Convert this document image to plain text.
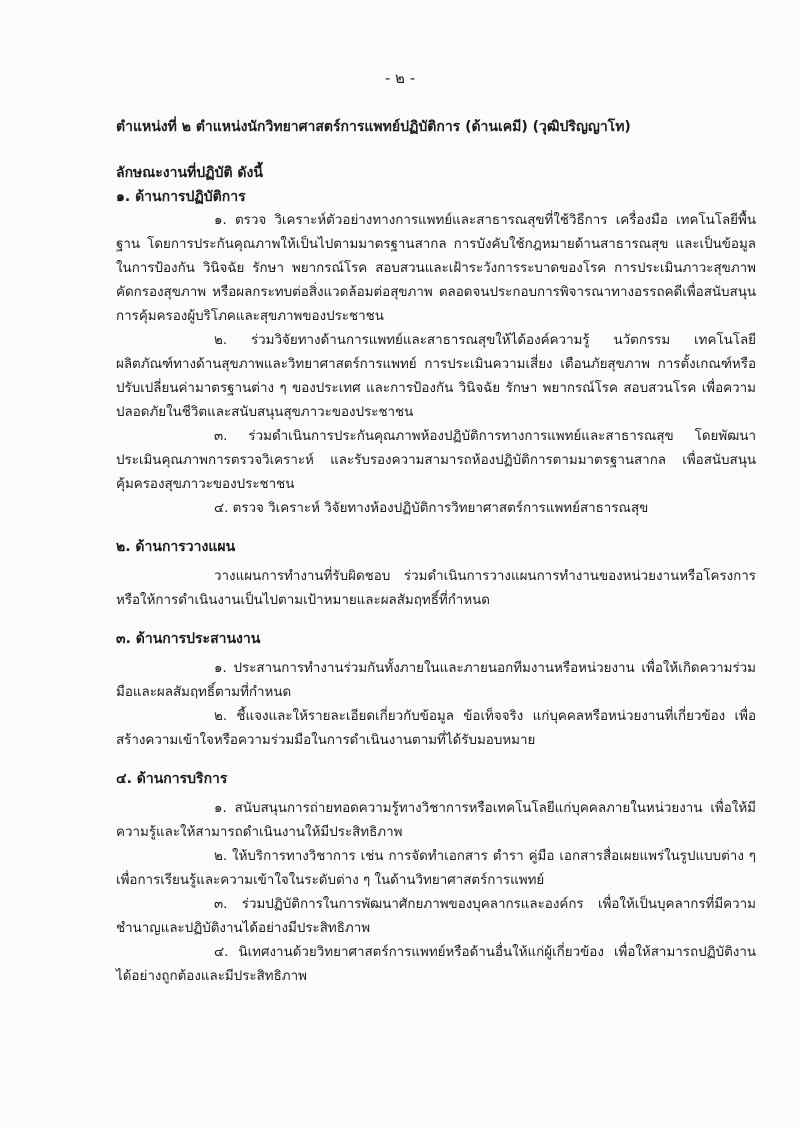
- ๒ -

ตำแหน่งที่ ๒ ตำแหน่งนักวิทยาศาสตร์การแพทย์ปฏิบัติการ (ด้านเคมี) (วุฒิปริญญาโท)

ลักษณะงานที่ปฏิบัติ ดังนี้

๑. ด้านการปฏิบัติการ

๑. ตรวจ วิเคราะห์ตัวอย่างทางการแพทย์และสาธารณสุขที่ใช้วิธีการ เครื่องมือ เทคโนโลยีพื้นฐาน โดยการประกันคุณภาพให้เป็นไปตามมาตรฐานสากล การบังคับใช้กฎหมายด้านสาธารณสุข และเป็นข้อมูลในการป้องกัน วินิจฉัย รักษา พยากรณ์โรค สอบสวนและเฝ้าระวังการระบาดของโรค การประเมินภาวะสุขภาพ คัดกรองสุขภาพ หรือผลกระทบต่อสิ่งแวดล้อมต่อสุขภาพ ตลอดจนประกอบการพิจารณาทางอรรถคดีเพื่อสนับสนุนการคุ้มครองผู้บริโภคและสุขภาพของประชาชน

๒. ร่วมวิจัยทางด้านการแพทย์และสาธารณสุขให้ได้องค์ความรู้ นวัตกรรม เทคโนโลยี ผลิตภัณฑ์ทางด้านสุขภาพและวิทยาศาสตร์การแพทย์ การประเมินความเสี่ยง เตือนภัยสุขภาพ การตั้งเกณฑ์หรือปรับเปลี่ยนค่ามาตรฐานต่าง ๆ ของประเทศ และการป้องกัน วินิจฉัย รักษา พยากรณ์โรค สอบสวนโรค เพื่อความปลอดภัยในชีวิตและสนับสนุนสุขภาวะของประชาชน

๓. ร่วมดำเนินการประกันคุณภาพห้องปฏิบัติการทางการแพทย์และสาธารณสุข โดยพัฒนาประเมินคุณภาพการตรวจวิเคราะห์ และรับรองความสามารถห้องปฏิบัติการตามมาตรฐานสากล เพื่อสนับสนุนคุ้มครองสุขภาวะของประชาชน

๔. ตรวจ วิเคราะห์ วิจัยทางห้องปฏิบัติการวิทยาศาสตร์การแพทย์สาธารณสุข

๒. ด้านการวางแผน

วางแผนการทำงานที่รับผิดชอบ ร่วมดำเนินการวางแผนการทำงานของหน่วยงานหรือโครงการ หรือให้การดำเนินงานเป็นไปตามเป้าหมายและผลสัมฤทธิ์ที่กำหนด

๓. ด้านการประสานงาน

๑. ประสานการทำงานร่วมกันทั้งภายในและภายนอกทีมงานหรือหน่วยงาน เพื่อให้เกิดความร่วมมือและผลสัมฤทธิ์ตามที่กำหนด

๒. ชี้แจงและให้รายละเอียดเกี่ยวกับข้อมูล ข้อเท็จจริง แก่บุคคลหรือหน่วยงานที่เกี่ยวข้อง เพื่อสร้างความเข้าใจหรือความร่วมมือในการดำเนินงานตามที่ได้รับมอบหมาย

๔. ด้านการบริการ

๑. สนับสนุนการถ่ายทอดความรู้ทางวิชาการหรือเทคโนโลยีแก่บุคคลภายในหน่วยงาน เพื่อให้มีความรู้และให้สามารถดำเนินงานให้มีประสิทธิภาพ

๒. ให้บริการทางวิชาการ เช่น การจัดทำเอกสาร ตำรา คู่มือ เอกสารสื่อเผยแพร่ในรูปแบบต่าง ๆ เพื่อการเรียนรู้และความเข้าใจในระดับต่าง ๆ ในด้านวิทยาศาสตร์การแพทย์

๓. ร่วมปฏิบัติการในการพัฒนาศักยภาพของบุคลากรและองค์กร เพื่อให้เป็นบุคลากรที่มีความชำนาญและปฏิบัติงานได้อย่างมีประสิทธิภาพ

๔. นิเทศงานด้วยวิทยาศาสตร์การแพทย์หรือด้านอื่นให้แก่ผู้เกี่ยวข้อง เพื่อให้สามารถปฏิบัติงานได้อย่างถูกต้องและมีประสิทธิภาพ
